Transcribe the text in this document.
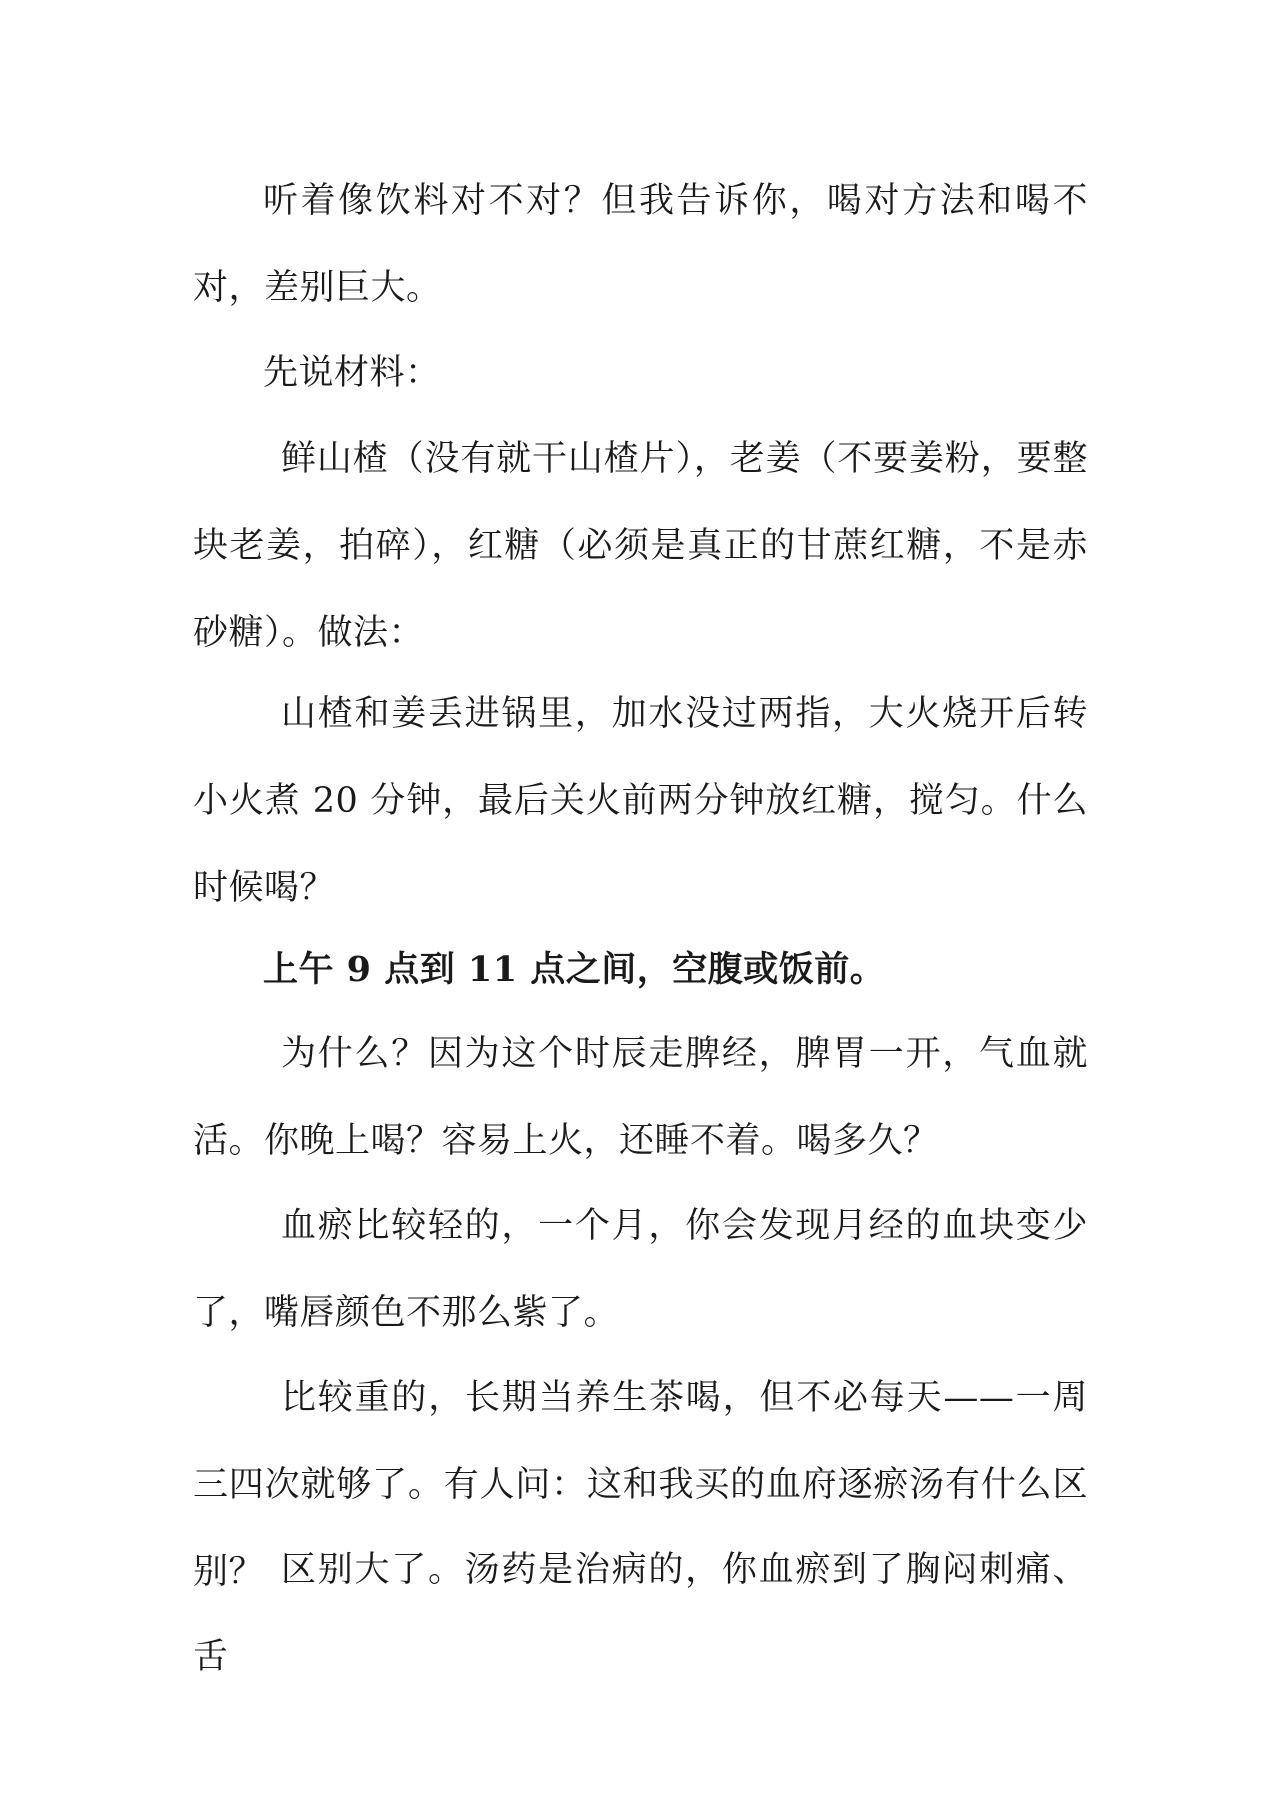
听着像饮料对不对？但我告诉你，喝对方法和喝不对，差别巨大。

先说材料：

鲜山楂（没有就干山楂片），老姜（不要姜粉，要整块老姜，拍碎），红糖（必须是真正的甘蔗红糖，不是赤砂糖）。做法：

山楂和姜丢进锅里，加水没过两指，大火烧开后转小火煮 20 分钟，最后关火前两分钟放红糖，搅匀。什么时候喝？

上午 9 点到 11 点之间，空腹或饭前。

为什么？因为这个时辰走脾经，脾胃一开，气血就活。你晚上喝？容易上火，还睡不着。喝多久？

血瘀比较轻的，一个月，你会发现月经的血块变少了，嘴唇颜色不那么紫了。

比较重的，长期当养生茶喝，但不必每天——一周三四次就够了。有人问：这和我买的血府逐瘀汤有什么区别？ 区别大了。汤药是治病的，你血瘀到了胸闷刺痛、舌
